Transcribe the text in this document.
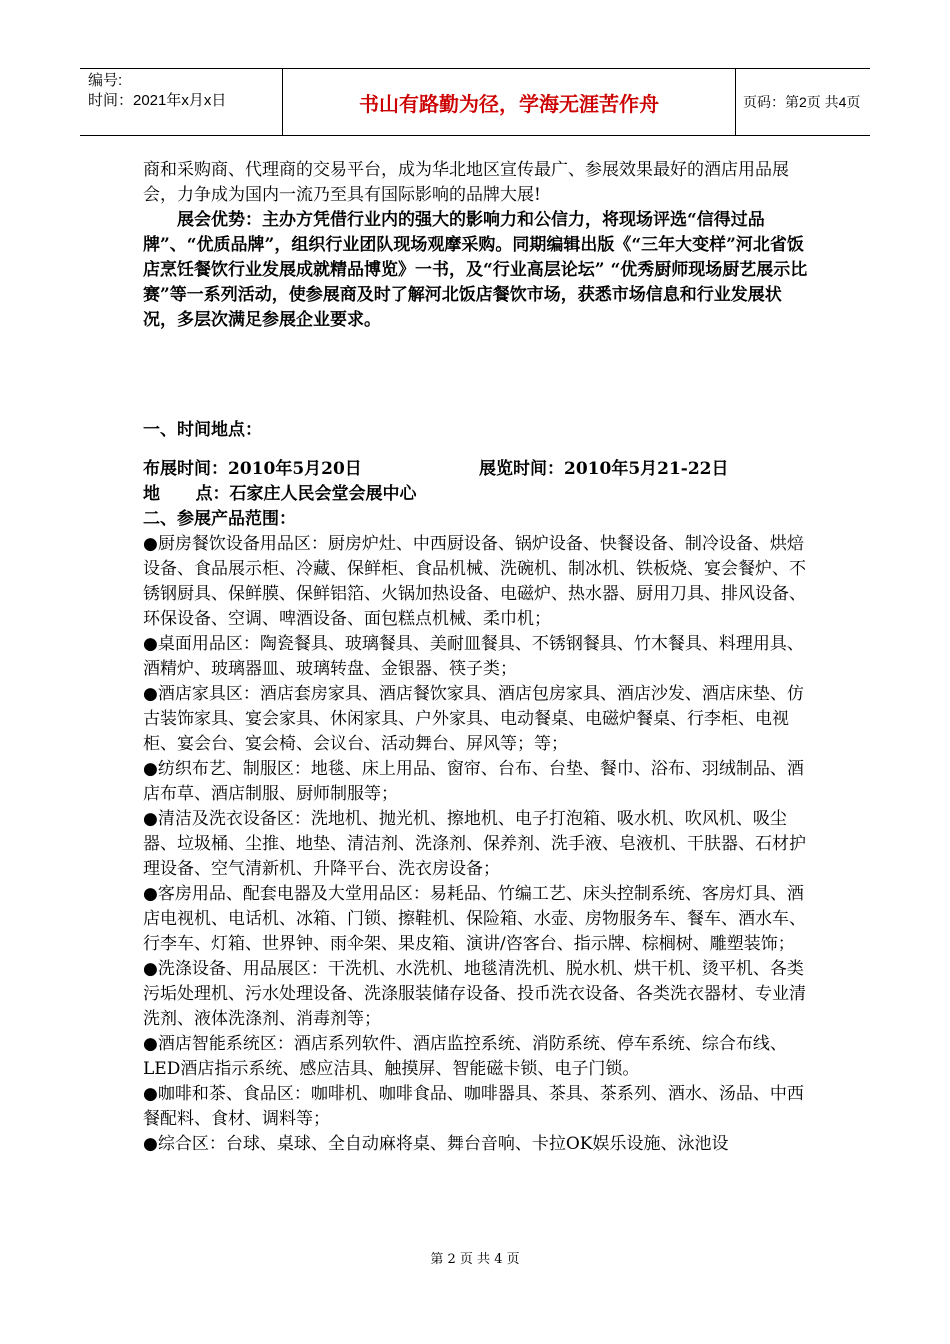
编号:
时间：2021年x月x日	书山有路勤为径，学海无涯苦作舟	页码：第2页 共4页

商和采购商、代理商的交易平台，成为华北地区宣传最广、参展效果最好的酒店用品展会，力争成为国内一流乃至具有国际影响的品牌大展!

展会优势：主办方凭借行业内的强大的影响力和公信力，将现场评选“信得过品牌”、“优质品牌”，组织行业团队现场观摩采购。同期编辑出版《“三年大变样”河北省饭店烹饪餐饮行业发展成就精品博览》一书，及“行业高层论坛” “优秀厨师现场厨艺展示比赛”等一系列活动，使参展商及时了解河北饭店餐饮市场，获悉市场信息和行业发展状况，多层次满足参展企业要求。

一、时间地点：

布展时间：2010年5月20日	展览时间：2010年5月21-22日

地      点：石家庄人民会堂会展中心

二、参展产品范围：

●厨房餐饮设备用品区：厨房炉灶、中西厨设备、锅炉设备、快餐设备、制冷设备、烘焙设备、食品展示柜、冷藏、保鲜柜、食品机械、洗碗机、制冰机、铁板烧、宴会餐炉、不锈钢厨具、保鲜膜、保鲜铝箔、火锅加热设备、电磁炉、热水器、厨用刀具、排风设备、环保设备、空调、啤酒设备、面包糕点机械、柔巾机；

●桌面用品区：陶瓷餐具、玻璃餐具、美耐皿餐具、不锈钢餐具、竹木餐具、料理用具、酒精炉、玻璃器皿、玻璃转盘、金银器、筷子类；

●酒店家具区：酒店套房家具、酒店餐饮家具、酒店包房家具、酒店沙发、酒店床垫、仿古装饰家具、宴会家具、休闲家具、户外家具、电动餐桌、电磁炉餐桌、行李柜、电视柜、宴会台、宴会椅、会议台、活动舞台、屏风等；等；

●纺织布艺、制服区：地毯、床上用品、窗帘、台布、台垫、餐巾、浴布、羽绒制品、酒店布草、酒店制服、厨师制服等；

●清洁及洗衣设备区：洗地机、抛光机、擦地机、电子打泡箱、吸水机、吹风机、吸尘器、垃圾桶、尘推、地垫、清洁剂、洗涤剂、保养剂、洗手液、皂液机、干肤器、石材护理设备、空气清新机、升降平台、洗衣房设备；

●客房用品、配套电器及大堂用品区：易耗品、竹编工艺、床头控制系统、客房灯具、酒店电视机、电话机、冰箱、门锁、擦鞋机、保险箱、水壶、房物服务车、餐车、酒水车、行李车、灯箱、世界钟、雨伞架、果皮箱、演讲/咨客台、指示牌、棕榈树、雕塑装饰；

●洗涤设备、用品展区：干洗机、水洗机、地毯清洗机、脱水机、烘干机、烫平机、各类污垢处理机、污水处理设备、洗涤服装储存设备、投币洗衣设备、各类洗衣器材、专业清洗剂、液体洗涤剂、消毒剂等；

●酒店智能系统区：酒店系列软件、酒店监控系统、消防系统、停车系统、综合布线、LED酒店指示系统、感应洁具、触摸屏、智能磁卡锁、电子门锁。

●咖啡和茶、食品区：咖啡机、咖啡食品、咖啡器具、茶具、茶系列、酒水、汤品、中西餐配料、食材、调料等；

●综合区：台球、桌球、全自动麻将桌、舞台音响、卡拉OK娱乐设施、泳池设

第 2 页 共 4 页
